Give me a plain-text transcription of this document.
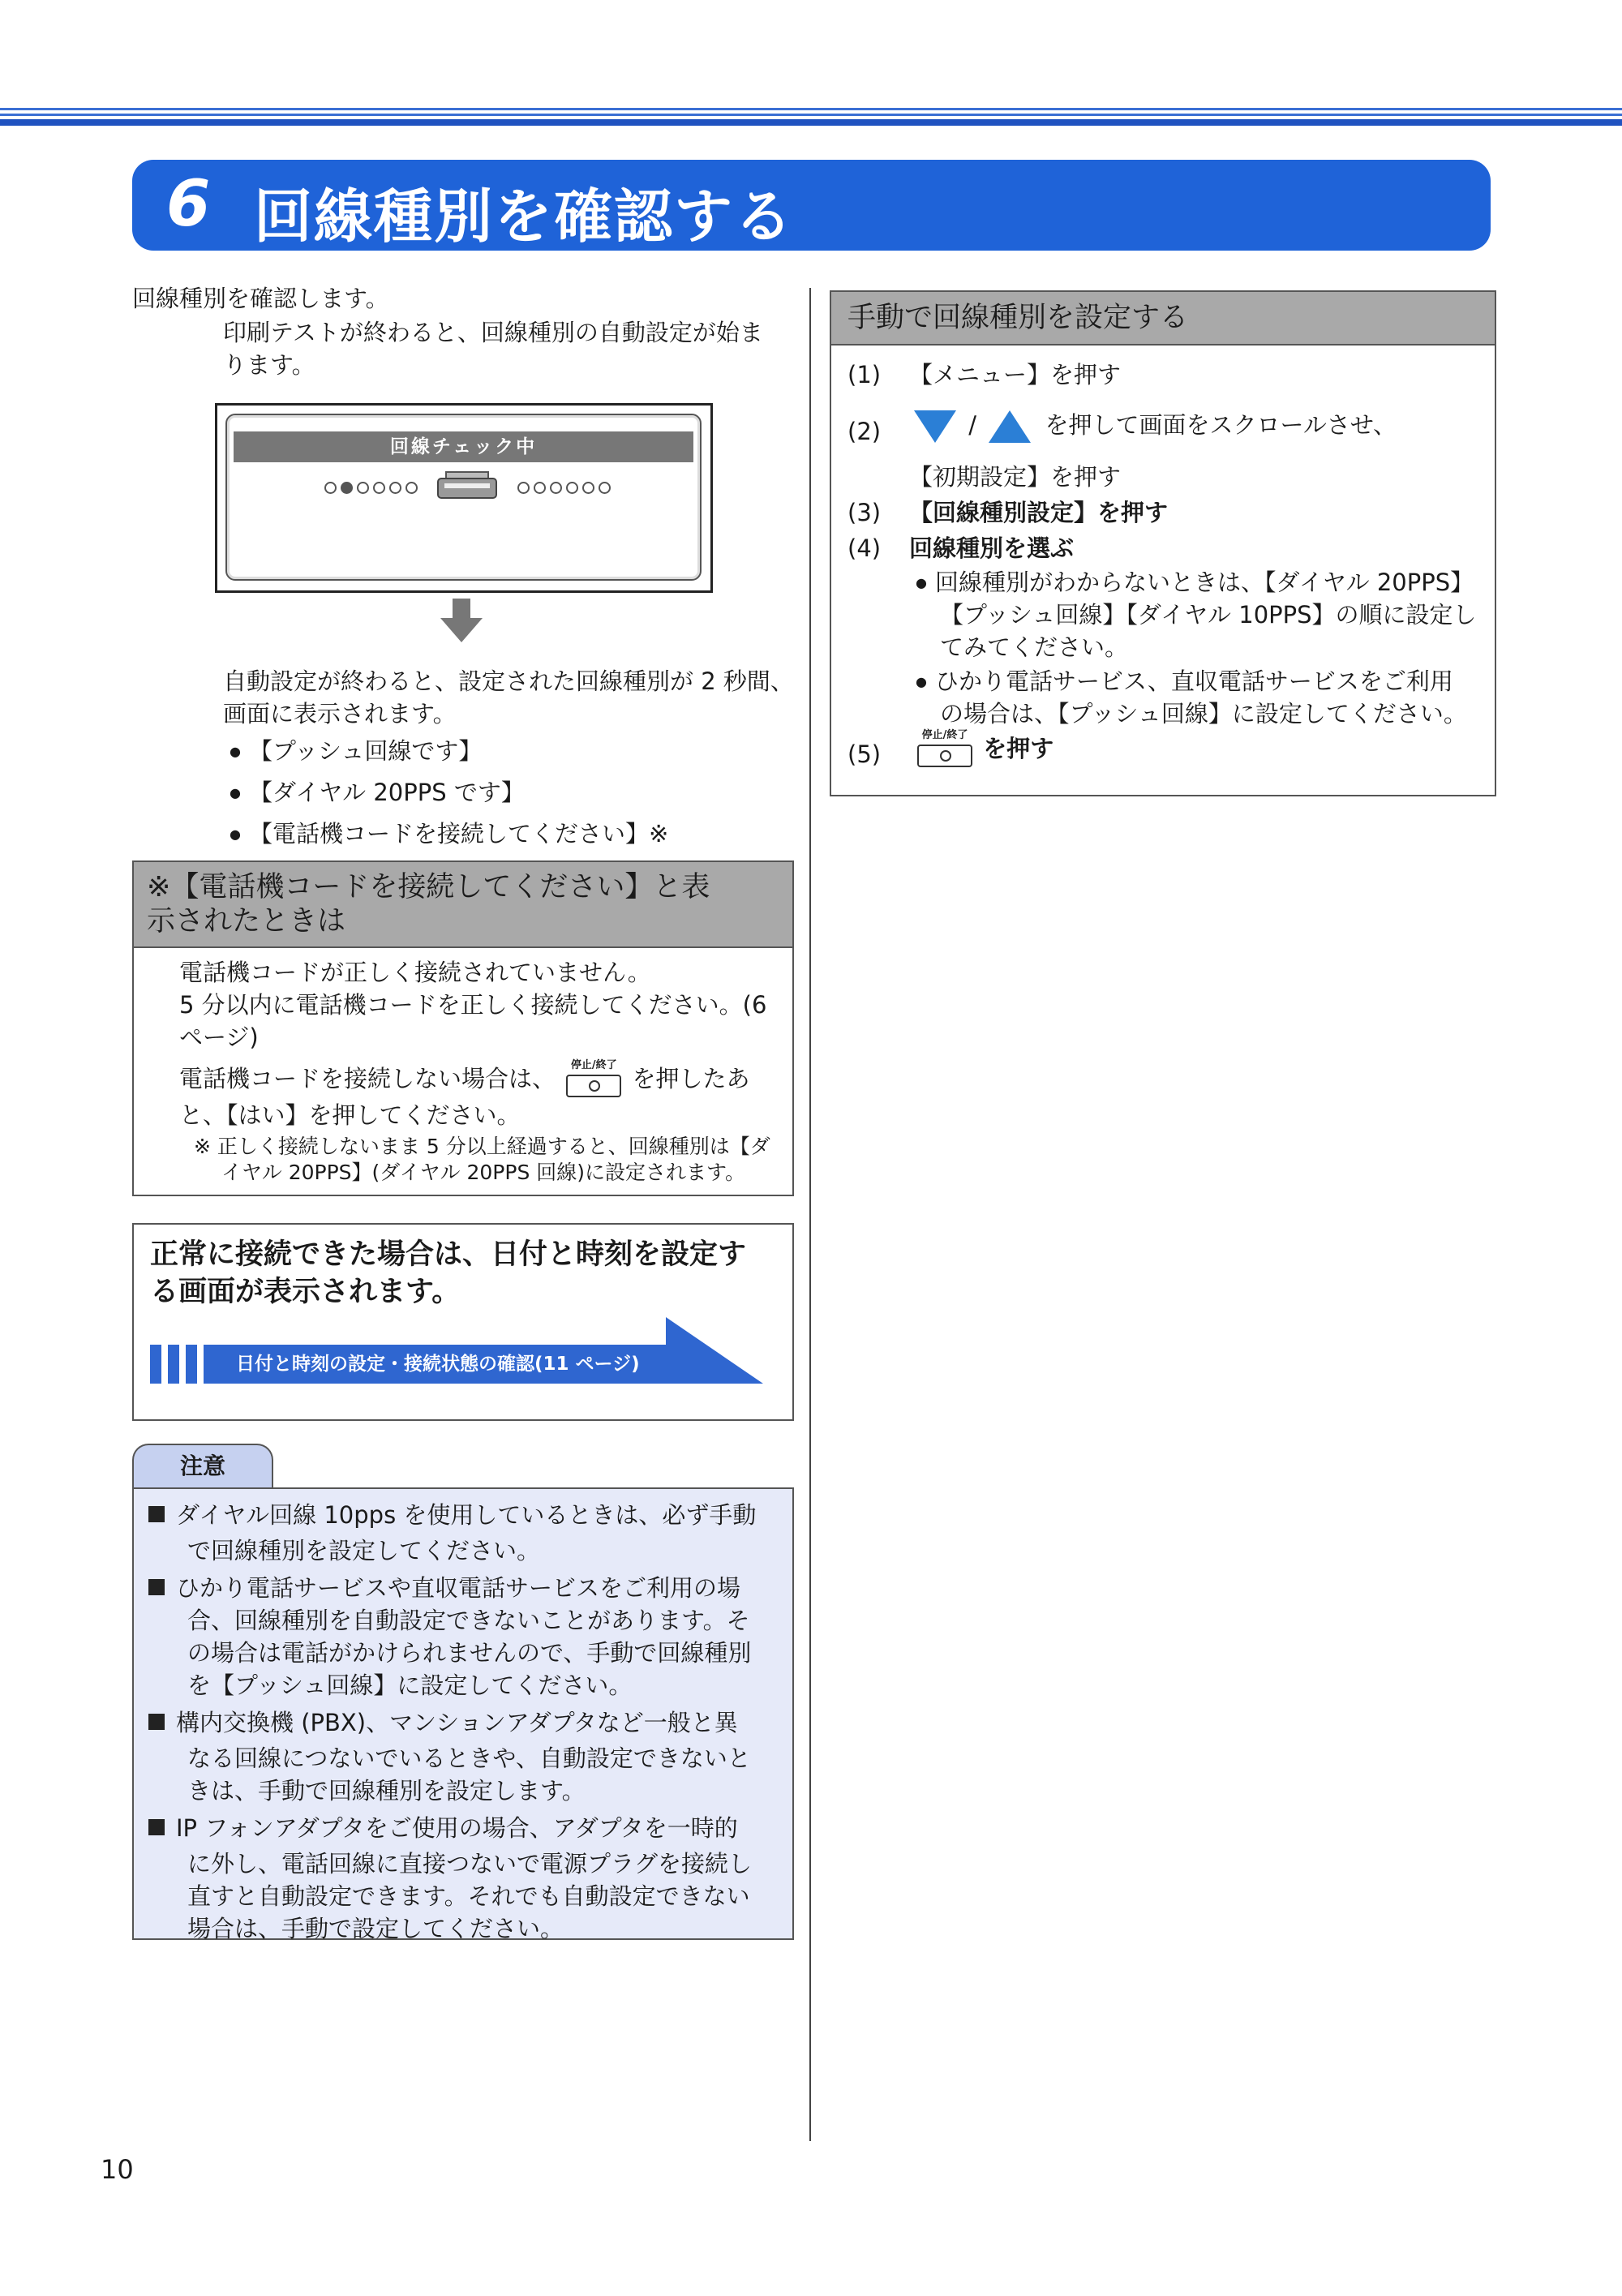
6 回線種別を確認する
回線種別を確認します。
印刷テストが終わると、回線種別の自動設定が始ま
ります。
回線チェック中
自動設定が終わると、設定された回線種別が 2 秒間、
画面に表示されます。
● 【プッシュ回線です】
● 【ダイヤル 20PPS です】
● 【電話機コードを接続してください】※
※【電話機コードを接続してください】と表
示されたときは
電話機コードが正しく接続されていません。
5 分以内に電話機コードを正しく接続してください。(6
ページ)
電話機コードを接続しない場合は、	停止/終了 を押したあ
と、【はい】を押してください。
※ 正しく接続しないまま 5 分以上経過すると、回線種別は【ダ
イヤル 20PPS】(ダイヤル 20PPS 回線)に設定されます。
正常に接続できた場合は、日付と時刻を設定す
る画面が表示されます。
日付と時刻の設定・接続状態の確認(11 ページ)
注意
ダイヤル回線 10pps を使用しているときは、必ず手動
で回線種別を設定してください。
ひかり電話サービスや直収電話サービスをご利用の場
合、回線種別を自動設定できないことがあります。そ
の場合は電話がかけられませんので、手動で回線種別
を【プッシュ回線】に設定してください。
構内交換機 (PBX)、マンションアダプタなど一般と異
なる回線につないでいるときや、自動設定できないと
きは、手動で回線種別を設定します。
IP フォンアダプタをご使用の場合、アダプタを一時的
に外し、電話回線に直接つないで電源プラグを接続し
直すと自動設定できます。それでも自動設定できない
場合は、手動で設定してください。
手動で回線種別を設定する
(1) 【メニュー】を押す
(2)	/	を押して画面をスクロールさせ、
【初期設定】を押す
(3) 【回線種別設定】を押す
(4) 回線種別を選ぶ
● 回線種別がわからないときは、【ダイヤル 20PPS】
【プッシュ回線】【ダイヤル 10PPS】の順に設定し
てみてください。
● ひかり電話サービス、直収電話サービスをご利用
の場合は、【プッシュ回線】に設定してください。
(5)
停止/終了 を押す
10
